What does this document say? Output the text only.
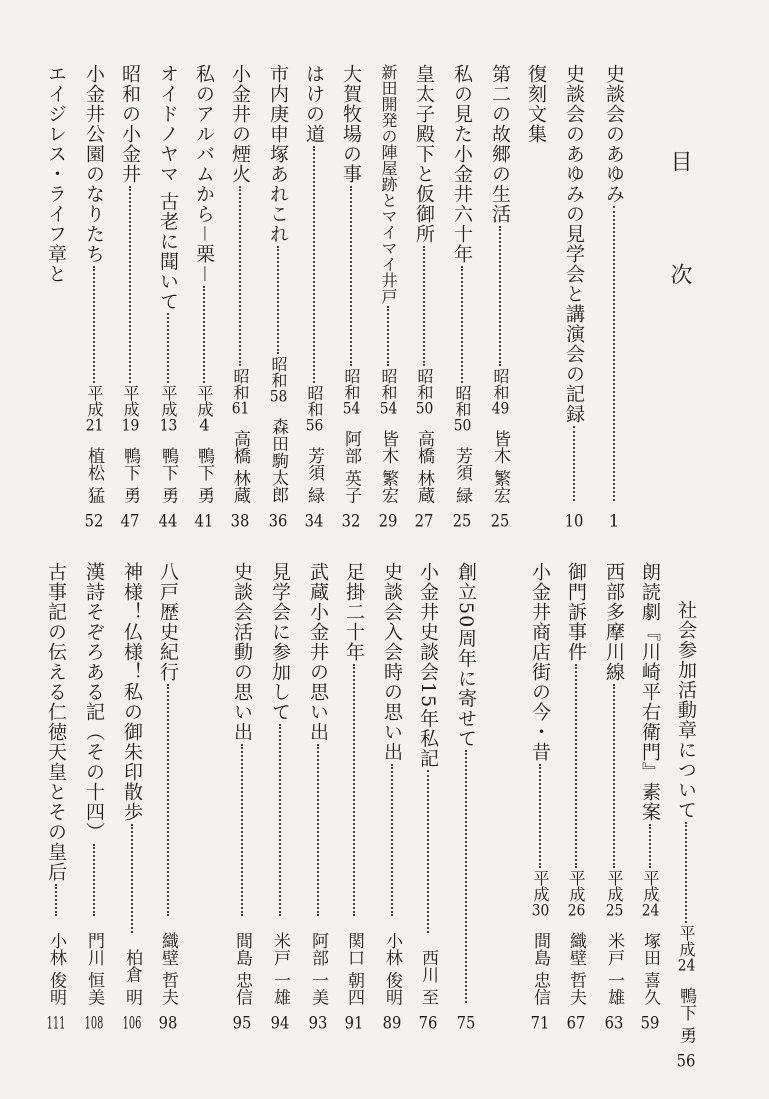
目 次
史談会のあゆみ
1
史談会のあゆみの見学会と講演会の記録
10
復刻文集
第二の故郷の生活
昭和49
皆木 繁宏
25
私の見た小金井六十年
昭和50
芳須 緑
25
皇太子殿下と仮御所
昭和50
高橋 林蔵
27
新田開発の陣屋跡とマイマイ井戸
昭和54
皆木 繁宏
29
大賀牧場の事
昭和54
阿部 英子
32
はけの道
昭和56
芳須 緑
34
市内庚申塚あれこれ
昭和58
森田駒太郎
36
小金井の煙火
昭和61
高橋 林蔵
38
私のアルバムから－栗－
平成4
鴨下 勇
41
オイドノヤマ 古老に聞いて
平成13
鴨下 勇
44
昭和の小金井
平成19
鴨下 勇
47
小金井公園のなりたち
平成21
植松 猛
52
エイジレス・ライフ章と
社会参加活動章について
平成24
鴨下 勇
56
朗読劇『川崎平右衛門』素案
平成24
塚田 喜久
59
西部多摩川線
平成25
米戸 一雄
63
御門訴事件
平成26
織壁 哲夫
67
小金井商店街の今・昔
平成30
間島 忠信
71
創立50周年に寄せて
75
小金井史談会15年私記
西川 至
76
史談会入会時の思い出
小林 俊明
89
足掛二十年
関口 朝四
91
武蔵小金井の思い出
阿部 一美
93
見学会に参加して
米戸 一雄
94
史談会活動の思い出
間島 忠信
95
八戸歴史紀行
織壁 哲夫
98
神様！仏様！私の御朱印散歩
柏倉 明
106
漢詩そぞろある記（その十四）
門川 恒美
108
古事記の伝える仁徳天皇とその皇后
小林 俊明
111
